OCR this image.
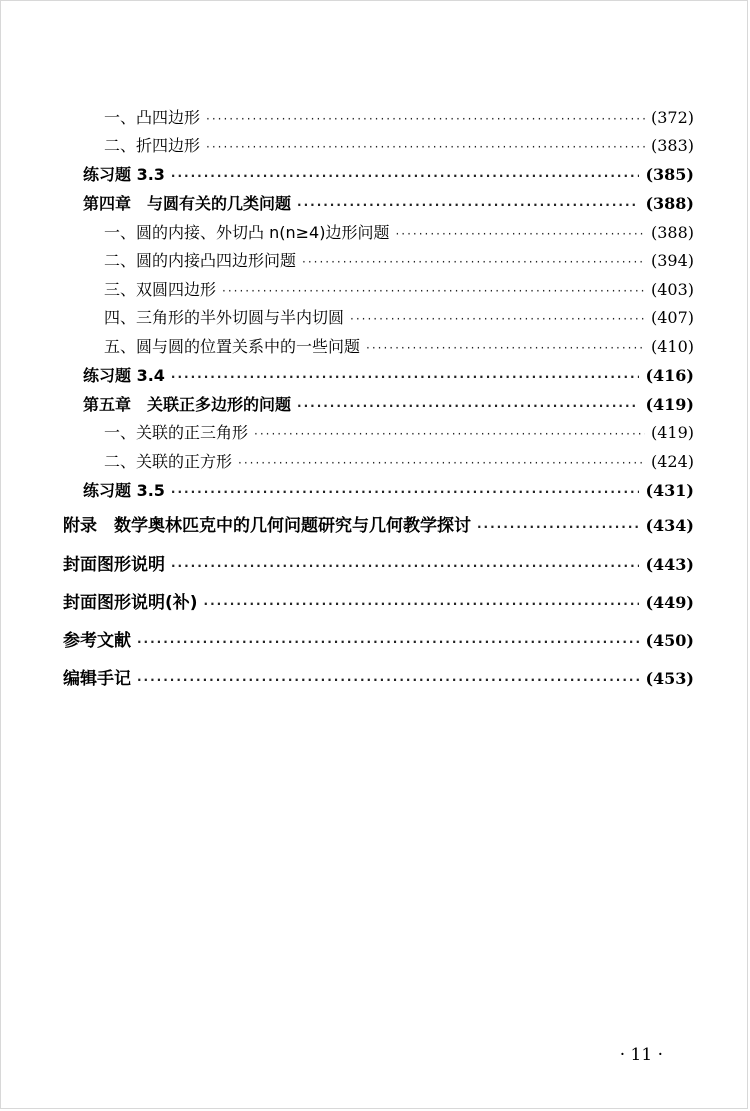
一、凸四边形 ·····	(372)
二、折四边形 ·····	(383)
练习题 3.3 ·····	(385)
第四章　与圆有关的几类问题 ·····	(388)
一、圆的内接、外切凸 n(n≥4)边形问题 ·····	(388)
二、圆的内接凸四边形问题 ·····	(394)
三、双圆四边形 ·····	(403)
四、三角形的半外切圆与半内切圆 ·····	(407)
五、圆与圆的位置关系中的一些问题 ·····	(410)
练习题 3.4 ·····	(416)
第五章　关联正多边形的问题 ·····	(419)
一、关联的正三角形 ·····	(419)
二、关联的正方形 ·····	(424)
练习题 3.5 ·····	(431)
附录　数学奥林匹克中的几何问题研究与几何教学探讨 ·····	(434)
封面图形说明 ·····	(443)
封面图形说明(补) ·····	(449)
参考文献 ·····	(450)
编辑手记 ·····	(453)
· 11 ·
